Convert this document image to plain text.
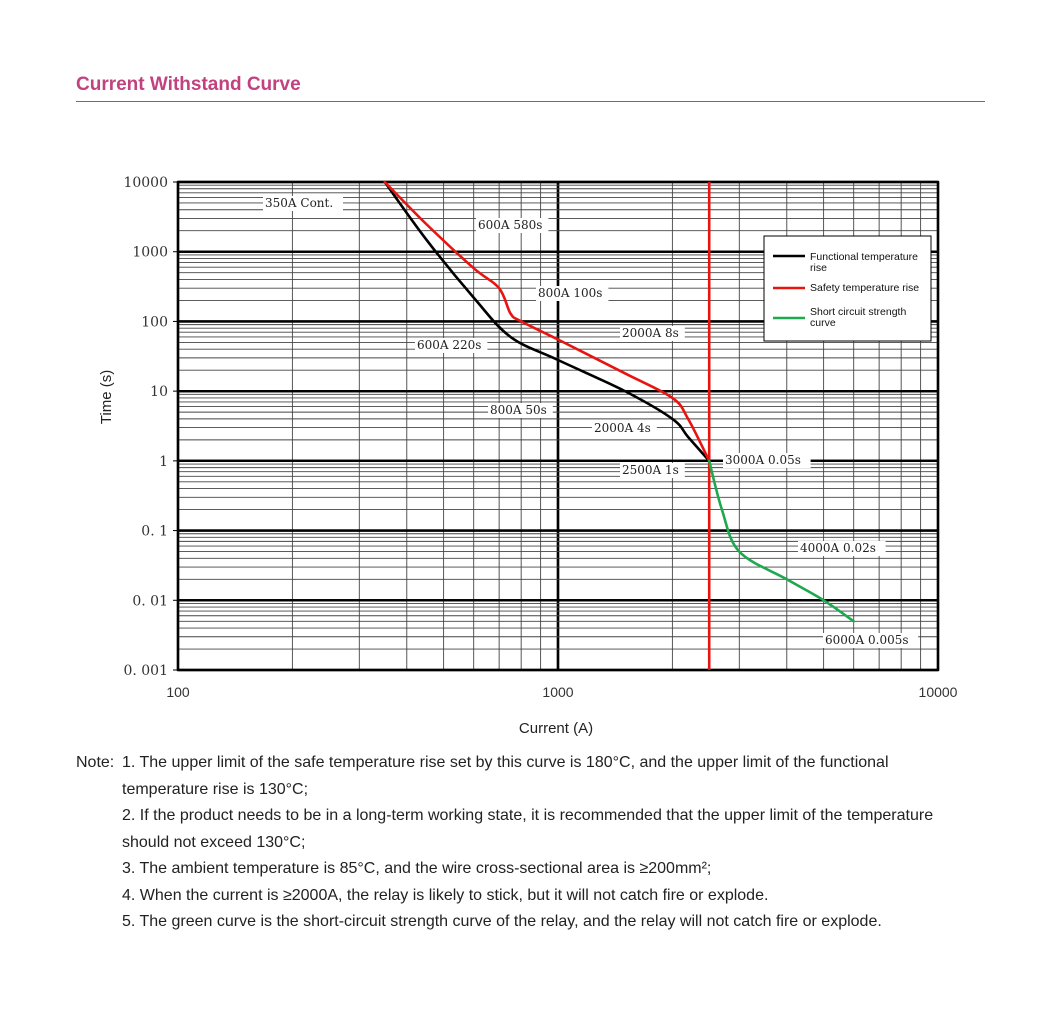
Current Withstand Curve
10000
1000
100
10
1
0. 1
0. 01
0. 001
100	1000	10000
Current (A)
Time (s)
350A Cont.
600A 580s
800A 100s
600A 220s
2000A 8s
800A 50s
2000A 4s
2500A 1s
3000A 0.05s
4000A 0.02s
6000A 0.005s
Functional temperature rise
Safety temperature rise
Short circuit strength curve
Note: 1. The upper limit of the safe temperature rise set by this curve is 180°C, and the upper limit of the functional
temperature rise is 130°C;
2. If the product needs to be in a long-term working state, it is recommended that the upper limit of the temperature
should not exceed 130°C;
3. The ambient temperature is 85°C, and the wire cross-sectional area is ≥200mm²;
4. When the current is ≥2000A, the relay is likely to stick, but it will not catch fire or explode.
5. The green curve is the short-circuit strength curve of the relay, and the relay will not catch fire or explode.
